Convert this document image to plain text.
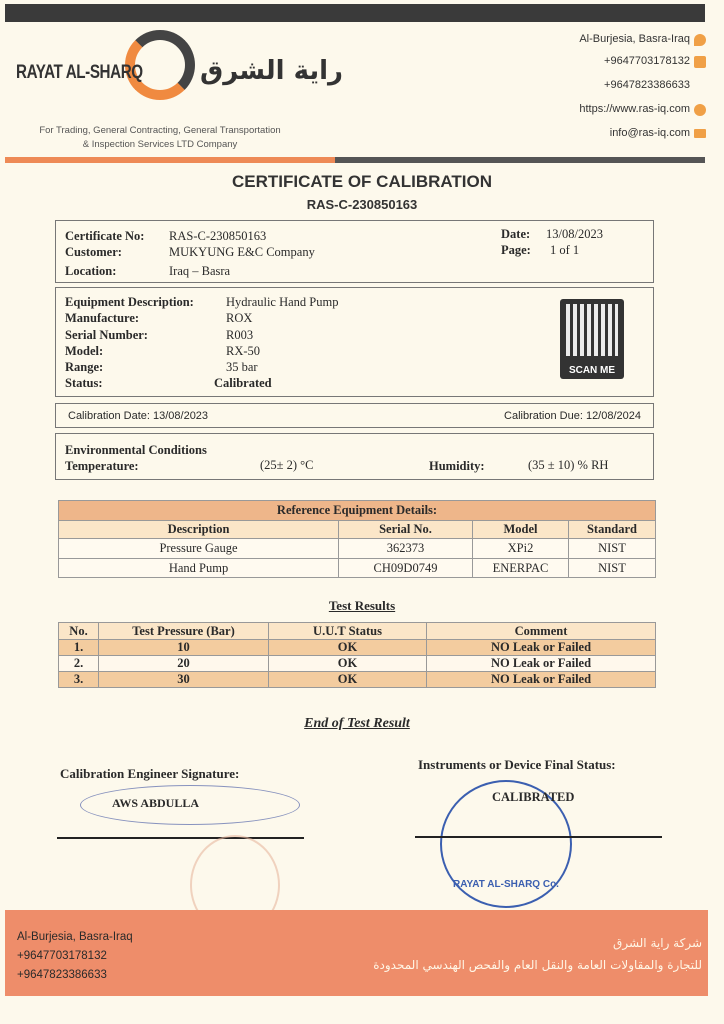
RAYAT AL-SHARQ راية الشرق
For Trading, General Contracting, General Transportation
& Inspection Services LTD Company
Al-Burjesia, Basra-Iraq
+9647703178132
+9647823386633
https://www.ras-iq.com
info@ras-iq.com
CERTIFICATE OF CALIBRATION
RAS-C-230850163
Certificate No: RAS-C-230850163
Customer:	MUKYUNG E&C Company
Location:	Iraq – Basra
Date: 13/08/2023
Page: 1 of 1
Equipment Description:	Hydraulic Hand Pump
Manufacture:	ROX
Serial Number:	R003
Model:	RX-50
Range:	35 bar
Status:	Calibrated
SCAN ME
Calibration Date: 13/08/2023	Calibration Due: 12/08/2024
Environmental Conditions
Temperature:	(25± 2) °C	Humidity:	(35 ± 10) % RH
Reference Equipment Details:			
Description	Serial No.	Model	Standard
Pressure Gauge	362373	XPi2	NIST
Hand Pump	CH09D0749	ENERPAC	NIST
Test Results
No.	Test Pressure (Bar)	U.U.T Status	Comment
1.	10	OK	NO Leak or Failed
2.	20	OK	NO Leak or Failed
3.	30	OK	NO Leak or Failed
End of Test Result
Calibration Engineer Signature:
AWS ABDULLA
Instruments or Device Final Status:
RAYAT AL-SHARQ Co.
CALIBRATED
Al-Burjesia, Basra-Iraq
+9647703178132
+9647823386633
شركة راية الشرق
للتجارة والمقاولات العامة والنقل العام والفحص الهندسي المحدودة
